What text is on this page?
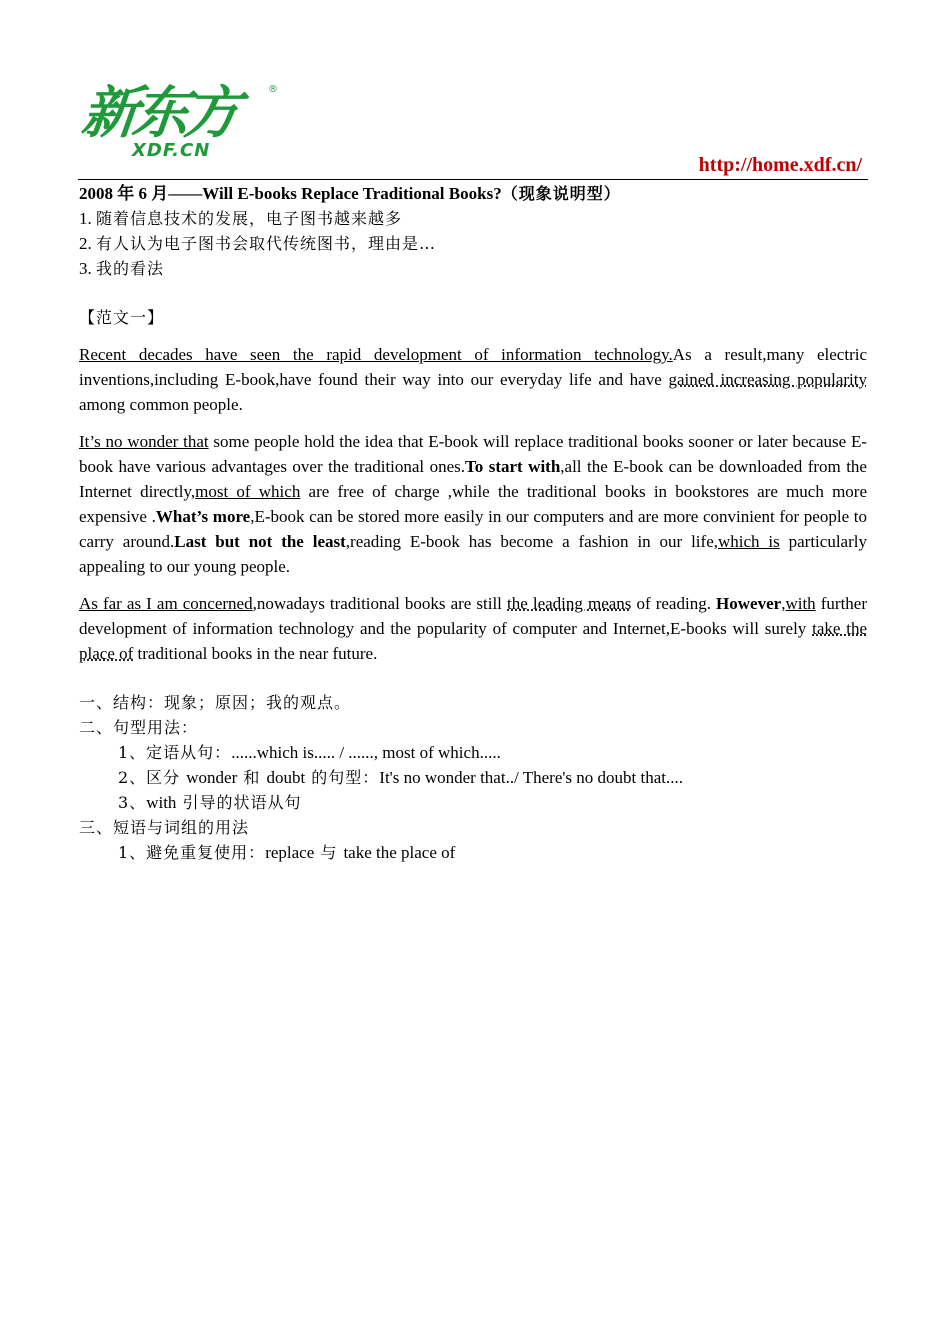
新东方	®
XDF.CN
http://home.xdf.cn/
2008 年 6 月——Will E-books Replace Traditional Books?（现象说明型）
1. 随着信息技术的发展，电子图书越来越多
2. 有人认为电子图书会取代传统图书，理由是…
3. 我的看法
【范文一】

Recent decades have seen the rapid development of information technology.As a result,many electric inventions,including E-book,have found their way into our everyday life and have gained increasing popularity among common people.

It’s no wonder that some people hold the idea that E-book will replace traditional books sooner or later because E-book have various advantages over the traditional ones.To start with,all the E-book can be downloaded from the Internet directly,most of which are free of charge ,while the traditional books in bookstores are much more expensive .What’s more,E-book can be stored more easily in our computers and are more convinient for people to carry around.Last but not the least,reading E-book has become a fashion in our life,which is particularly appealing to our young people.

As far as I am concerned,nowadays traditional books are still the leading means of reading. However,with further development of information technology and the popularity of computer and Internet,E-books will surely take the place of traditional books in the near future.

一、结构：现象；原因；我的观点。
二、句型用法：
1、定语从句：......which is..... / ......, most of which.....
2、区分 wonder 和 doubt 的句型：It's no wonder that../ There's no doubt that....
3、with 引导的状语从句
三、短语与词组的用法
1、避免重复使用：replace 与 take the place of
